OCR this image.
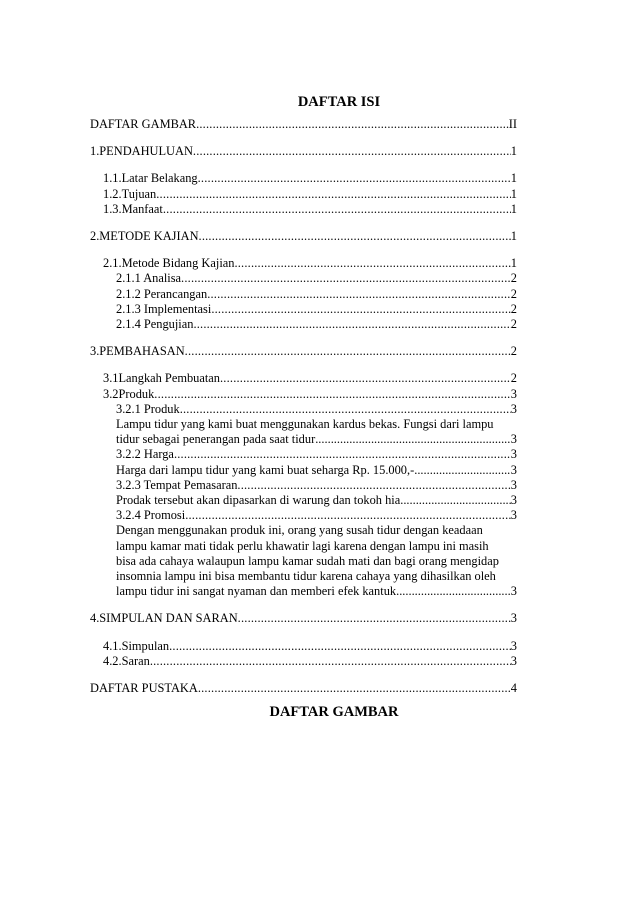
DAFTAR ISI
DAFTAR GAMBAR .....	II
1.PENDAHULUAN .....	1
1.1.Latar Belakang .....	1
1.2.Tujuan .....	1
1.3.Manfaat .....	1
2.METODE KAJIAN .....	1
2.1.Metode Bidang Kajian .....	1
2.1.1 Analisa .....	2
2.1.2 Perancangan .....	2
2.1.3 Implementasi .....	2
2.1.4 Pengujian .....	2
3.PEMBAHASAN .....	2
3.1Langkah Pembuatan .....	2
3.2Produk .....	3
3.2.1 Produk .....	3
Lampu tidur yang kami buat menggunakan kardus bekas. Fungsi dari lampu
tidur sebagai penerangan pada saat tidur .....	3
3.2.2 Harga .....	3
Harga dari lampu tidur yang kami buat seharga Rp. 15.000,-. .....	3
3.2.3 Tempat Pemasaran .....	3
Prodak tersebut akan dipasarkan di warung dan tokoh hia .....	3
3.2.4 Promosi .....	3
Dengan menggunakan produk ini, orang yang susah tidur dengan keadaan
lampu kamar mati tidak perlu khawatir lagi karena dengan lampu ini masih
bisa ada cahaya walaupun lampu kamar sudah mati dan bagi orang mengidap
insomnia lampu ini bisa membantu tidur karena cahaya yang dihasilkan oleh
lampu tidur ini sangat nyaman dan memberi efek kantuk. .....	3
4.SIMPULAN DAN SARAN .....	3
4.1.Simpulan .....	3
4.2.Saran .....	3
DAFTAR PUSTAKA .....	4
DAFTAR GAMBAR
